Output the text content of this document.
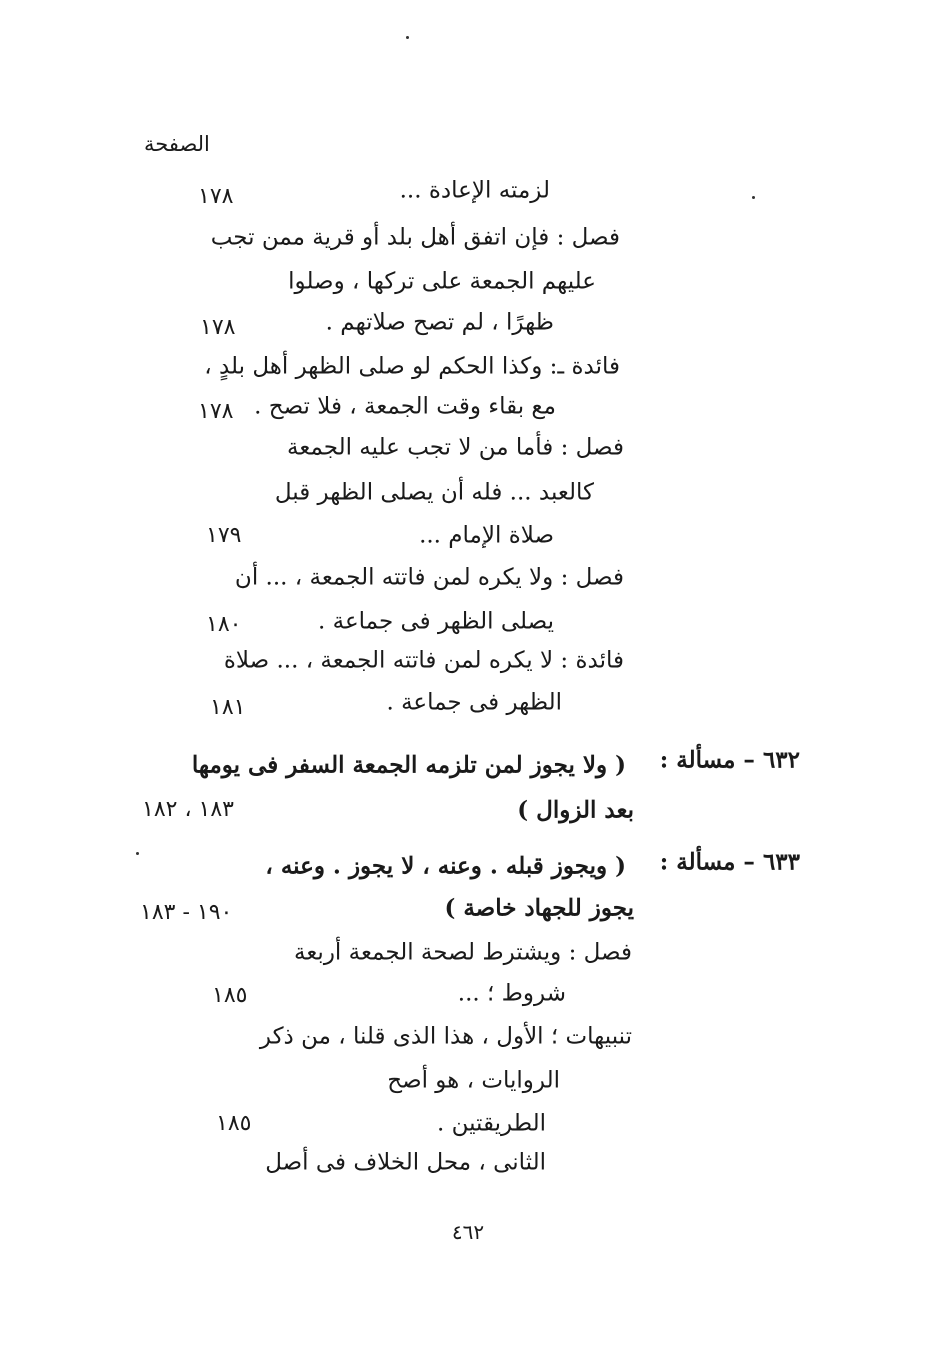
الصفحة
لزمته الإعادة ...
١٧٨
فصل : فإن اتفق أهل بلد أو قرية ممن تجب
عليهم الجمعة على تركها ، وصلوا
ظهرًا ، لم تصح صلاتهم .
١٧٨
فائدة ـ: وكذا الحكم لو صلى الظهر أهل بلدٍ ،
مع بقاء وقت الجمعة ، فلا تصح .
١٧٨
فصل : فأما من لا تجب عليه الجمعة
كالعبد ... فله أن يصلى الظهر قبل
صلاة الإمام ...
١٧٩
فصل : ولا يكره لمن فاتته الجمعة ، ... أن
يصلى الظهر فى جماعة .
١٨٠
فائدة : لا يكره لمن فاتته الجمعة ، ... صلاة
الظهر فى جماعة .
١٨١
٦٣٢ – مسألة :
( ولا يجوز لمن تلزمه الجمعة السفر فى يومها
بعد الزوال )
١٨٣ ، ١٨٢
٦٣٣ – مسألة :
( ويجوز قبله . وعنه ، لا يجوز . وعنه ،
يجوز للجهاد خاصة )
١٩٠ - ١٨٣
فصل : ويشترط لصحة الجمعة أربعة
شروط ؛ ...
١٨٥
تنبيهات ؛ الأول ، هذا الذى قلنا ، من ذكر
الروايات ، هو أصح
الطريقتين .
١٨٥
الثانى ، محل الخلاف فى أصل
٤٦٢
